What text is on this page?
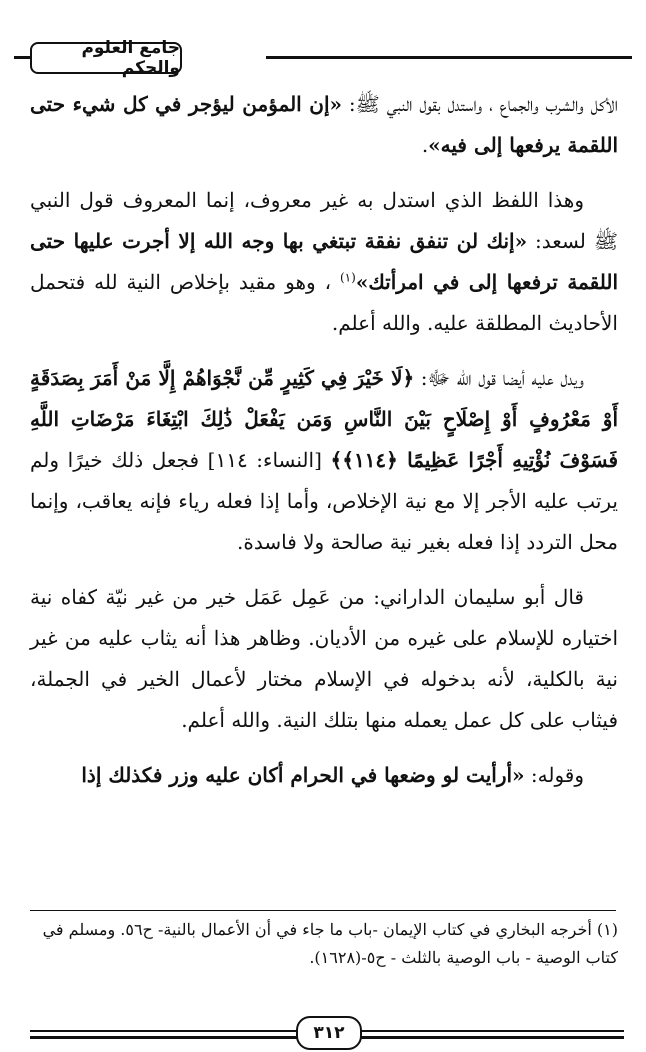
جامع العلوم والحكم

الأكل والشرب والجماع ، واستدل بقول النبي ﷺ: «إن المؤمن ليؤجر في كل شيء حتى اللقمة يرفعها إلى فيه».

وهذا اللفظ الذي استدل به غير معروف، إنما المعروف قول النبي ﷺ لسعد: «إنك لن تنفق نفقة تبتغي بها وجه الله إلا أجرت عليها حتى اللقمة ترفعها إلى في امرأتك»$^{(١)}$ ، وهو مقيد بإخلاص النية لله فتحمل الأحاديث المطلقة عليه. والله أعلم.

ويدل عليه أيضا قول الله ﷻ: ﴿لَا خَيْرَ فِي كَثِيرٍ مِّن نَّجْوَاهُمْ إِلَّا مَنْ أَمَرَ بِصَدَقَةٍ أَوْ مَعْرُوفٍ أَوْ إِصْلَاحٍ بَيْنَ النَّاسِ وَمَن يَفْعَلْ ذَٰلِكَ ابْتِغَاءَ مَرْضَاتِ اللَّهِ فَسَوْفَ نُؤْتِيهِ أَجْرًا عَظِيمًا ﴿١١٤﴾﴾ [النساء: ١١٤] فجعل ذلك خيرًا ولم يرتب عليه الأجر إلا مع نية الإخلاص، وأما إذا فعله رياء فإنه يعاقب، وإنما محل التردد إذا فعله بغير نية صالحة ولا فاسدة.

قال أبو سليمان الداراني: من عَمِل عَمَل خير من غير نيّة كفاه نية اختياره للإسلام على غيره من الأديان. وظاهر هذا أنه يثاب عليه من غير نية بالكلية، لأنه بدخوله في الإسلام مختار لأعمال الخير في الجملة، فيثاب على كل عمل يعمله منها بتلك النية. والله أعلم.

وقوله: «أرأيت لو وضعها في الحرام أكان عليه وزر فكذلك إذا

(١) أخرجه البخاري في كتاب الإيمان -باب ما جاء في أن الأعمال بالنية- ح٥٦. ومسلم في كتاب الوصية - باب الوصية بالثلث - ح٥-(١٦٢٨).
٣١٢
